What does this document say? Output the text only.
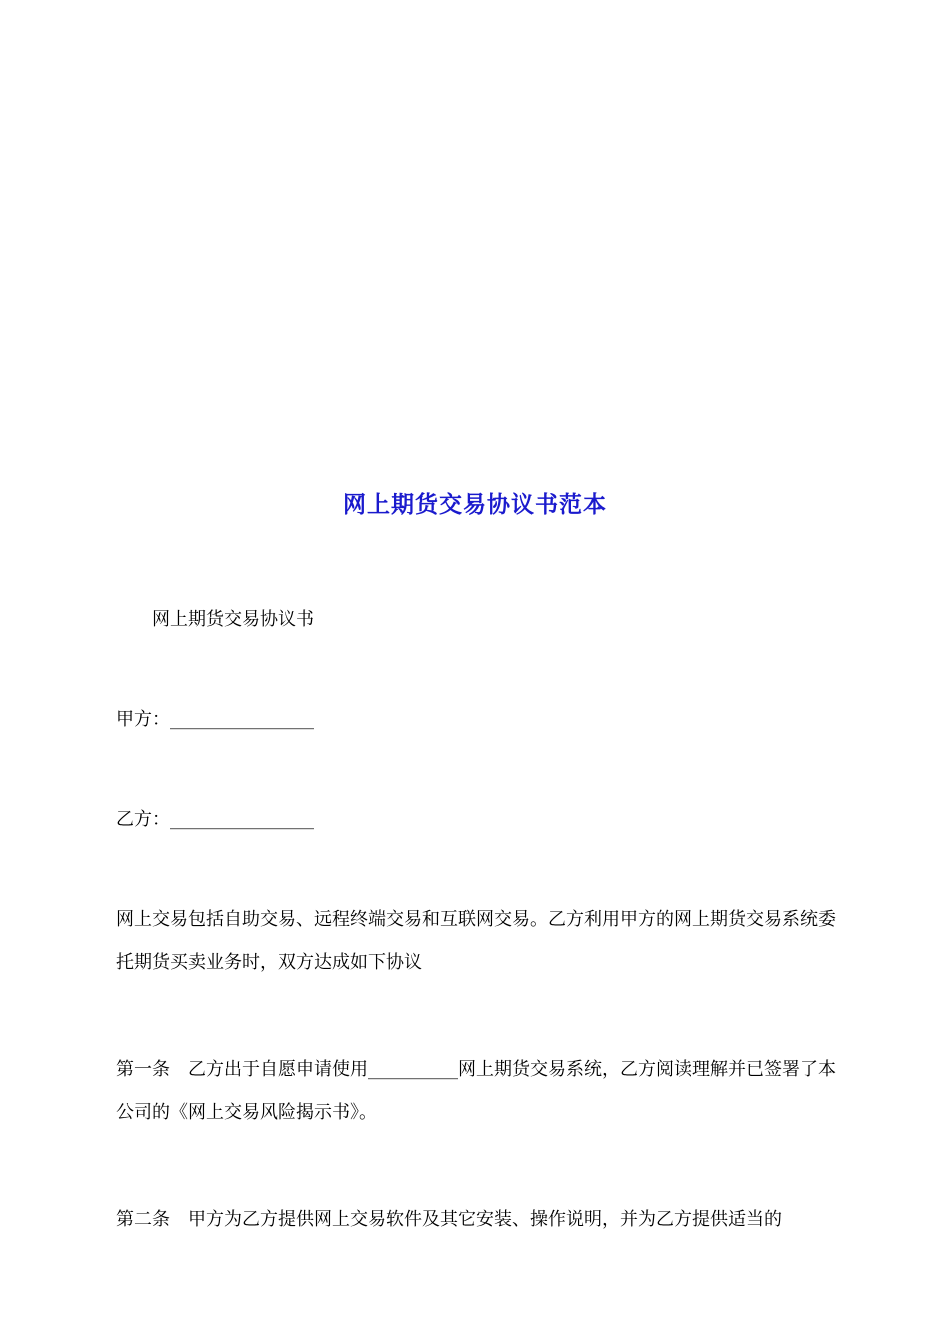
网上期货交易协议书范本

网上期货交易协议书

甲方：________________

乙方：________________

网上交易包括自助交易、远程终端交易和互联网交易。乙方利用甲方的网上期货交易系统委托期货买卖业务时，双方达成如下协议

第一条 乙方出于自愿申请使用__________网上期货交易系统，乙方阅读理解并已签署了本公司的《网上交易风险揭示书》。

第二条 甲方为乙方提供网上交易软件及其它安装、操作说明，并为乙方提供适当的
